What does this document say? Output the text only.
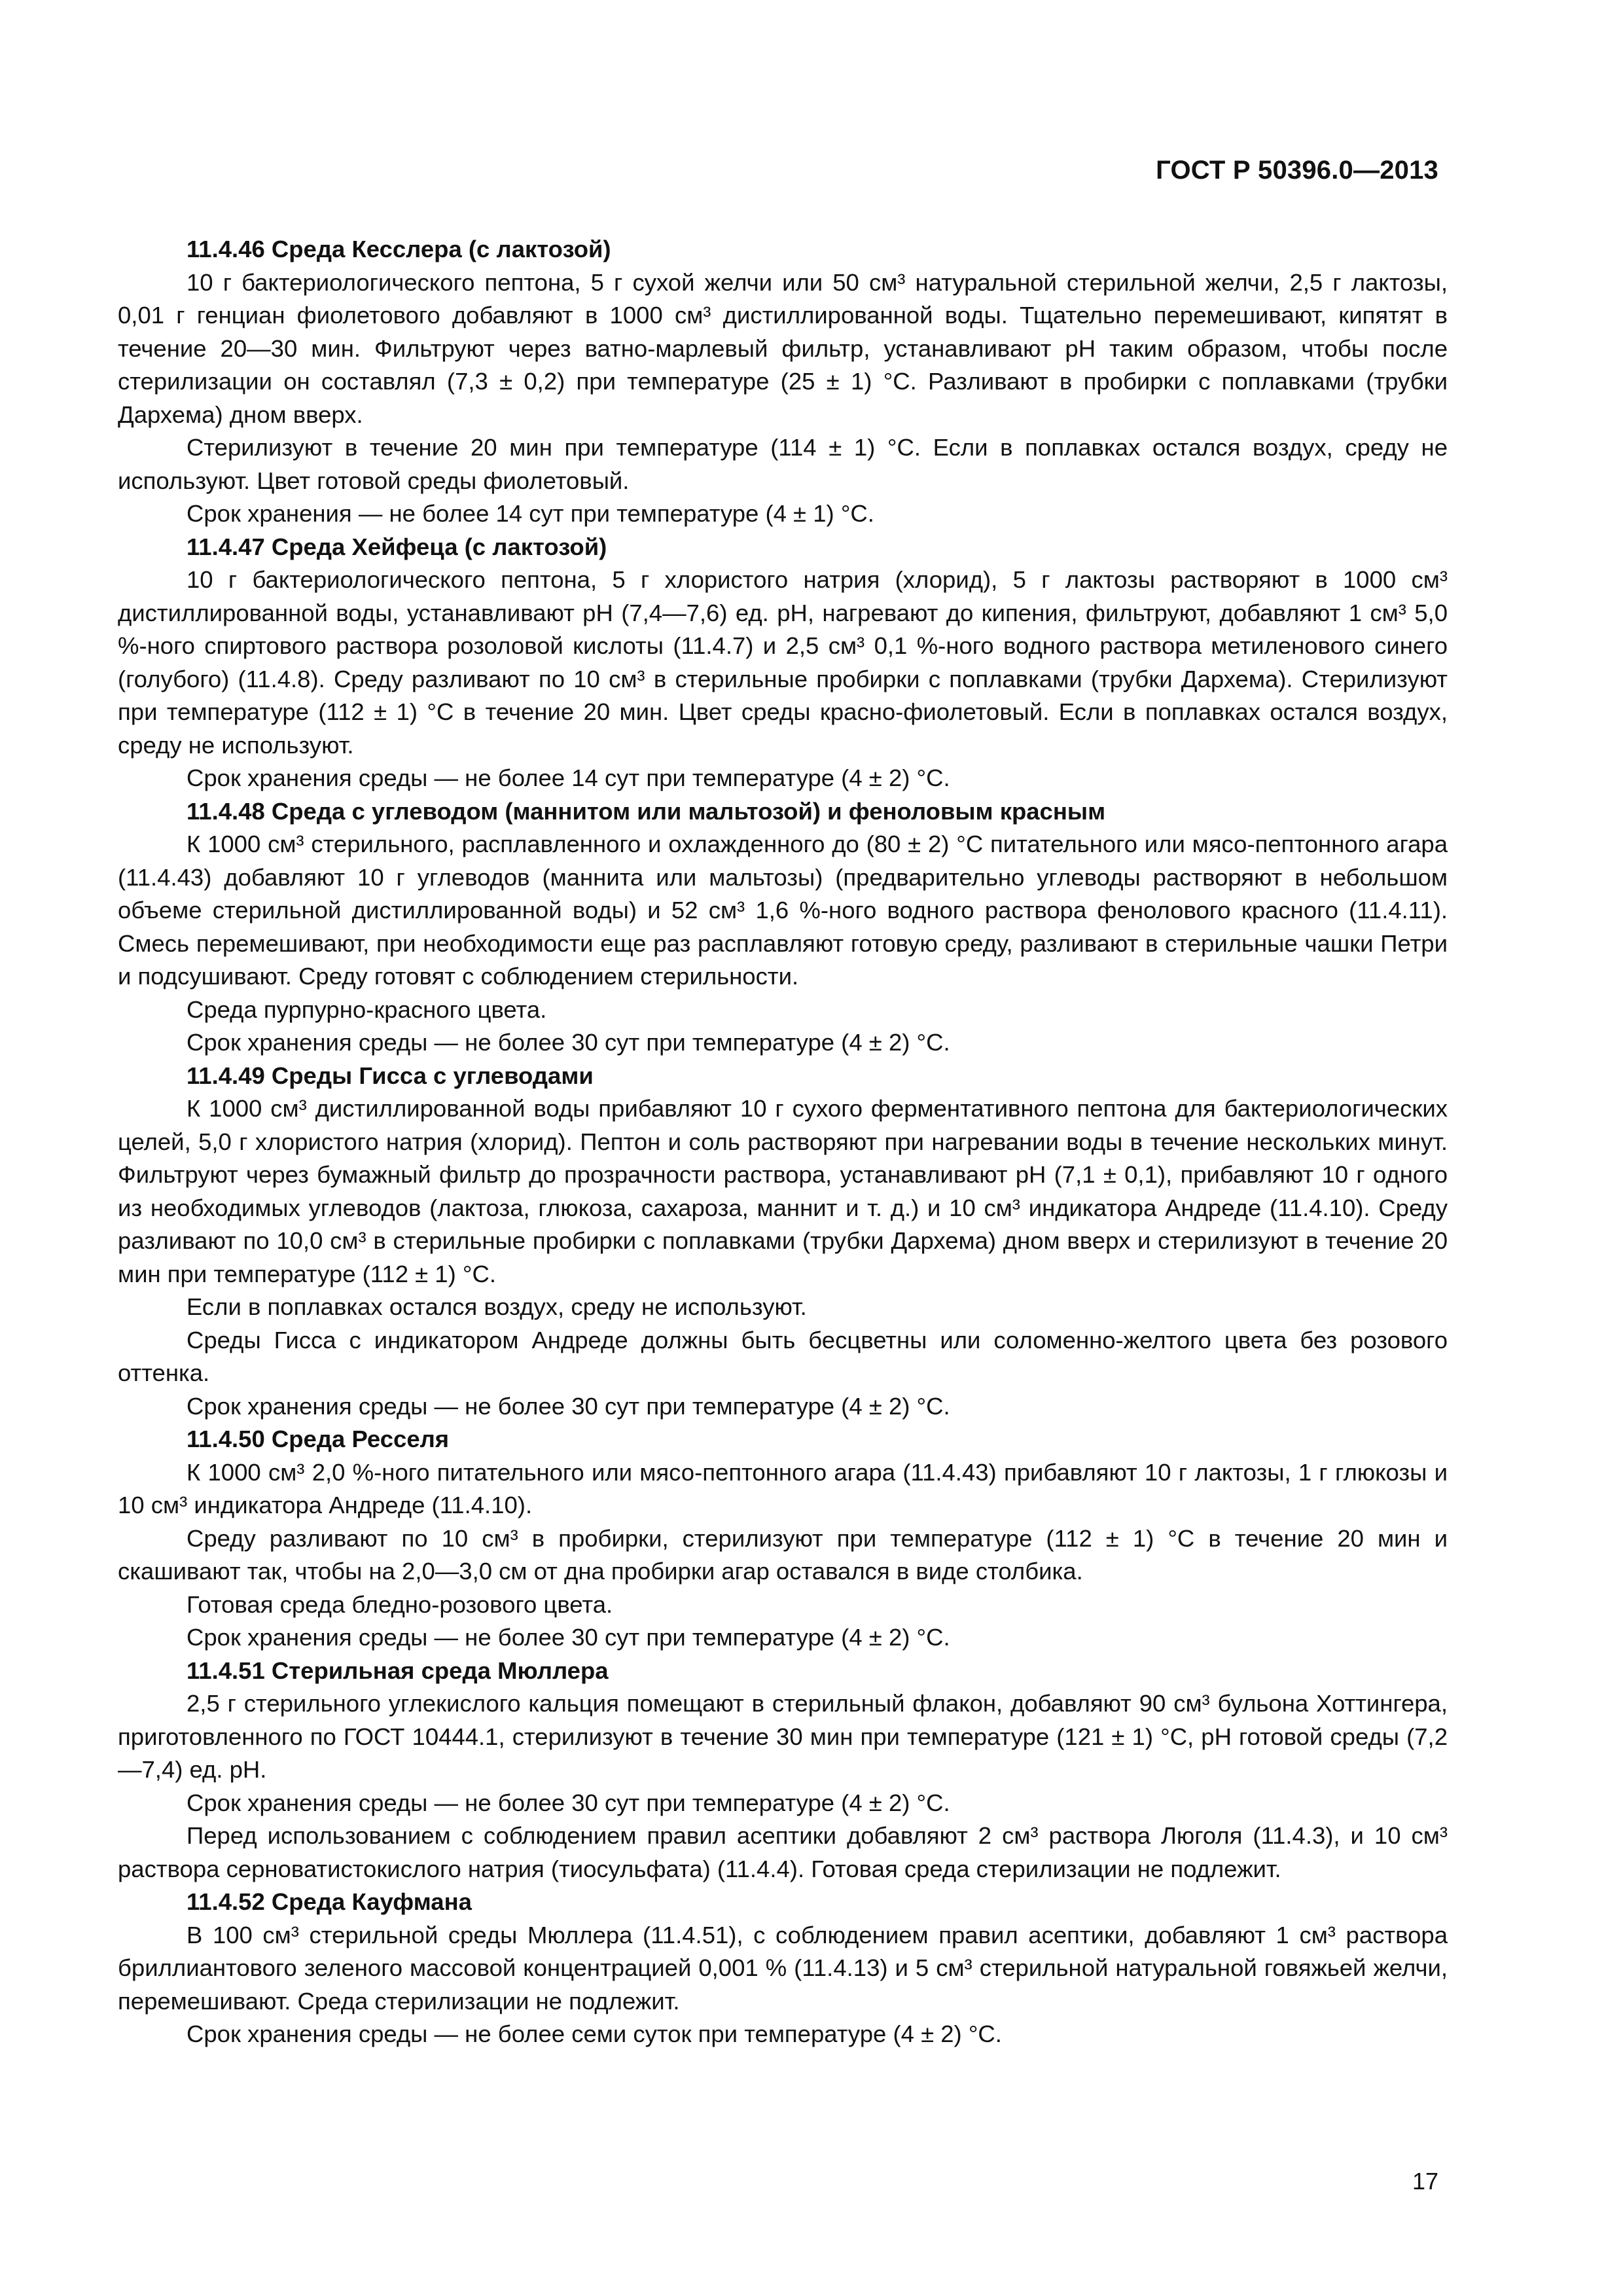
ГОСТ Р 50396.0—2013

11.4.46 Среда Кесслера (с лактозой)

10 г бактериологического пептона, 5 г сухой желчи или 50 см³ натуральной стерильной желчи, 2,5 г лактозы, 0,01 г генциан фиолетового добавляют в 1000 см³ дистиллированной воды. Тщательно перемешивают, кипятят в течение 20—30 мин. Фильтруют через ватно-марлевый фильтр, устанавливают рН таким образом, чтобы после стерилизации он составлял (7,3 ± 0,2) при температуре (25 ± 1) °С. Разливают в пробирки с поплавками (трубки Дархема) дном вверх.

Стерилизуют в течение 20 мин при температуре (114 ± 1) °С. Если в поплавках остался воздух, среду не используют. Цвет готовой среды фиолетовый.

Срок хранения — не более 14 сут при температуре (4 ± 1) °С.

11.4.47 Среда Хейфеца (с лактозой)

10 г бактериологического пептона, 5 г хлористого натрия (хлорид), 5 г лактозы растворяют в 1000 см³ дистиллированной воды, устанавливают рН (7,4—7,6) ед. рН, нагревают до кипения, фильтруют, добавляют 1 см³ 5,0 %-ного спиртового раствора розоловой кислоты (11.4.7) и 2,5 см³ 0,1 %-ного водного раствора метиленового синего (голубого) (11.4.8). Среду разливают по 10 см³ в стерильные пробирки с поплавками (трубки Дархема). Стерилизуют при температуре (112 ± 1) °С в течение 20 мин. Цвет среды красно-фиолетовый. Если в поплавках остался воздух, среду не используют.

Срок хранения среды — не более 14 сут при температуре (4 ± 2) °С.

11.4.48 Среда с углеводом (маннитом или мальтозой) и феноловым красным

К 1000 см³ стерильного, расплавленного и охлажденного до (80 ± 2) °С питательного или мясо-пептонного агара (11.4.43) добавляют 10 г углеводов (маннита или мальтозы) (предварительно углеводы растворяют в небольшом объеме стерильной дистиллированной воды) и 52 см³ 1,6 %-ного водного раствора фенолового красного (11.4.11). Смесь перемешивают, при необходимости еще раз расплавляют готовую среду, разливают в стерильные чашки Петри и подсушивают. Среду готовят с соблюдением стерильности.

Среда пурпурно-красного цвета.

Срок хранения среды — не более 30 сут при температуре (4 ± 2) °С.

11.4.49 Среды Гисса с углеводами

К 1000 см³ дистиллированной воды прибавляют 10 г сухого ферментативного пептона для бактериологических целей, 5,0 г хлористого натрия (хлорид). Пептон и соль растворяют при нагревании воды в течение нескольких минут. Фильтруют через бумажный фильтр до прозрачности раствора, устанавливают рН (7,1 ± 0,1), прибавляют 10 г одного из необходимых углеводов (лактоза, глюкоза, сахароза, маннит и т. д.) и 10 см³ индикатора Андреде (11.4.10). Среду разливают по 10,0 см³ в стерильные пробирки с поплавками (трубки Дархема) дном вверх и стерилизуют в течение 20 мин при температуре (112 ± 1) °С.

Если в поплавках остался воздух, среду не используют.

Среды Гисса с индикатором Андреде должны быть бесцветны или соломенно-желтого цвета без розового оттенка.

Срок хранения среды — не более 30 сут при температуре (4 ± 2) °С.

11.4.50 Среда Ресселя

К 1000 см³ 2,0 %-ного питательного или мясо-пептонного агара (11.4.43) прибавляют 10 г лактозы, 1 г глюкозы и 10 см³ индикатора Андреде (11.4.10).

Среду разливают по 10 см³ в пробирки, стерилизуют при температуре (112 ± 1) °С в течение 20 мин и скашивают так, чтобы на 2,0—3,0 см от дна пробирки агар оставался в виде столбика.

Готовая среда бледно-розового цвета.

Срок хранения среды — не более 30 сут при температуре (4 ± 2) °С.

11.4.51 Стерильная среда Мюллера

2,5 г стерильного углекислого кальция помещают в стерильный флакон, добавляют 90 см³ бульона Хоттингера, приготовленного по ГОСТ 10444.1, стерилизуют в течение 30 мин при температуре (121 ± 1) °С, рН готовой среды (7,2—7,4) ед. рН.

Срок хранения среды — не более 30 сут при температуре (4 ± 2) °С.

Перед использованием с соблюдением правил асептики добавляют 2 см³ раствора Люголя (11.4.3), и 10 см³ раствора серноватистокислого натрия (тиосульфата) (11.4.4). Готовая среда стерилизации не подлежит.

11.4.52 Среда Кауфмана

В 100 см³ стерильной среды Мюллера (11.4.51), с соблюдением правил асептики, добавляют 1 см³ раствора бриллиантового зеленого массовой концентрацией 0,001 % (11.4.13) и 5 см³ стерильной натуральной говяжьей желчи, перемешивают. Среда стерилизации не подлежит.

Срок хранения среды — не более семи суток при температуре (4 ± 2) °С.

17
